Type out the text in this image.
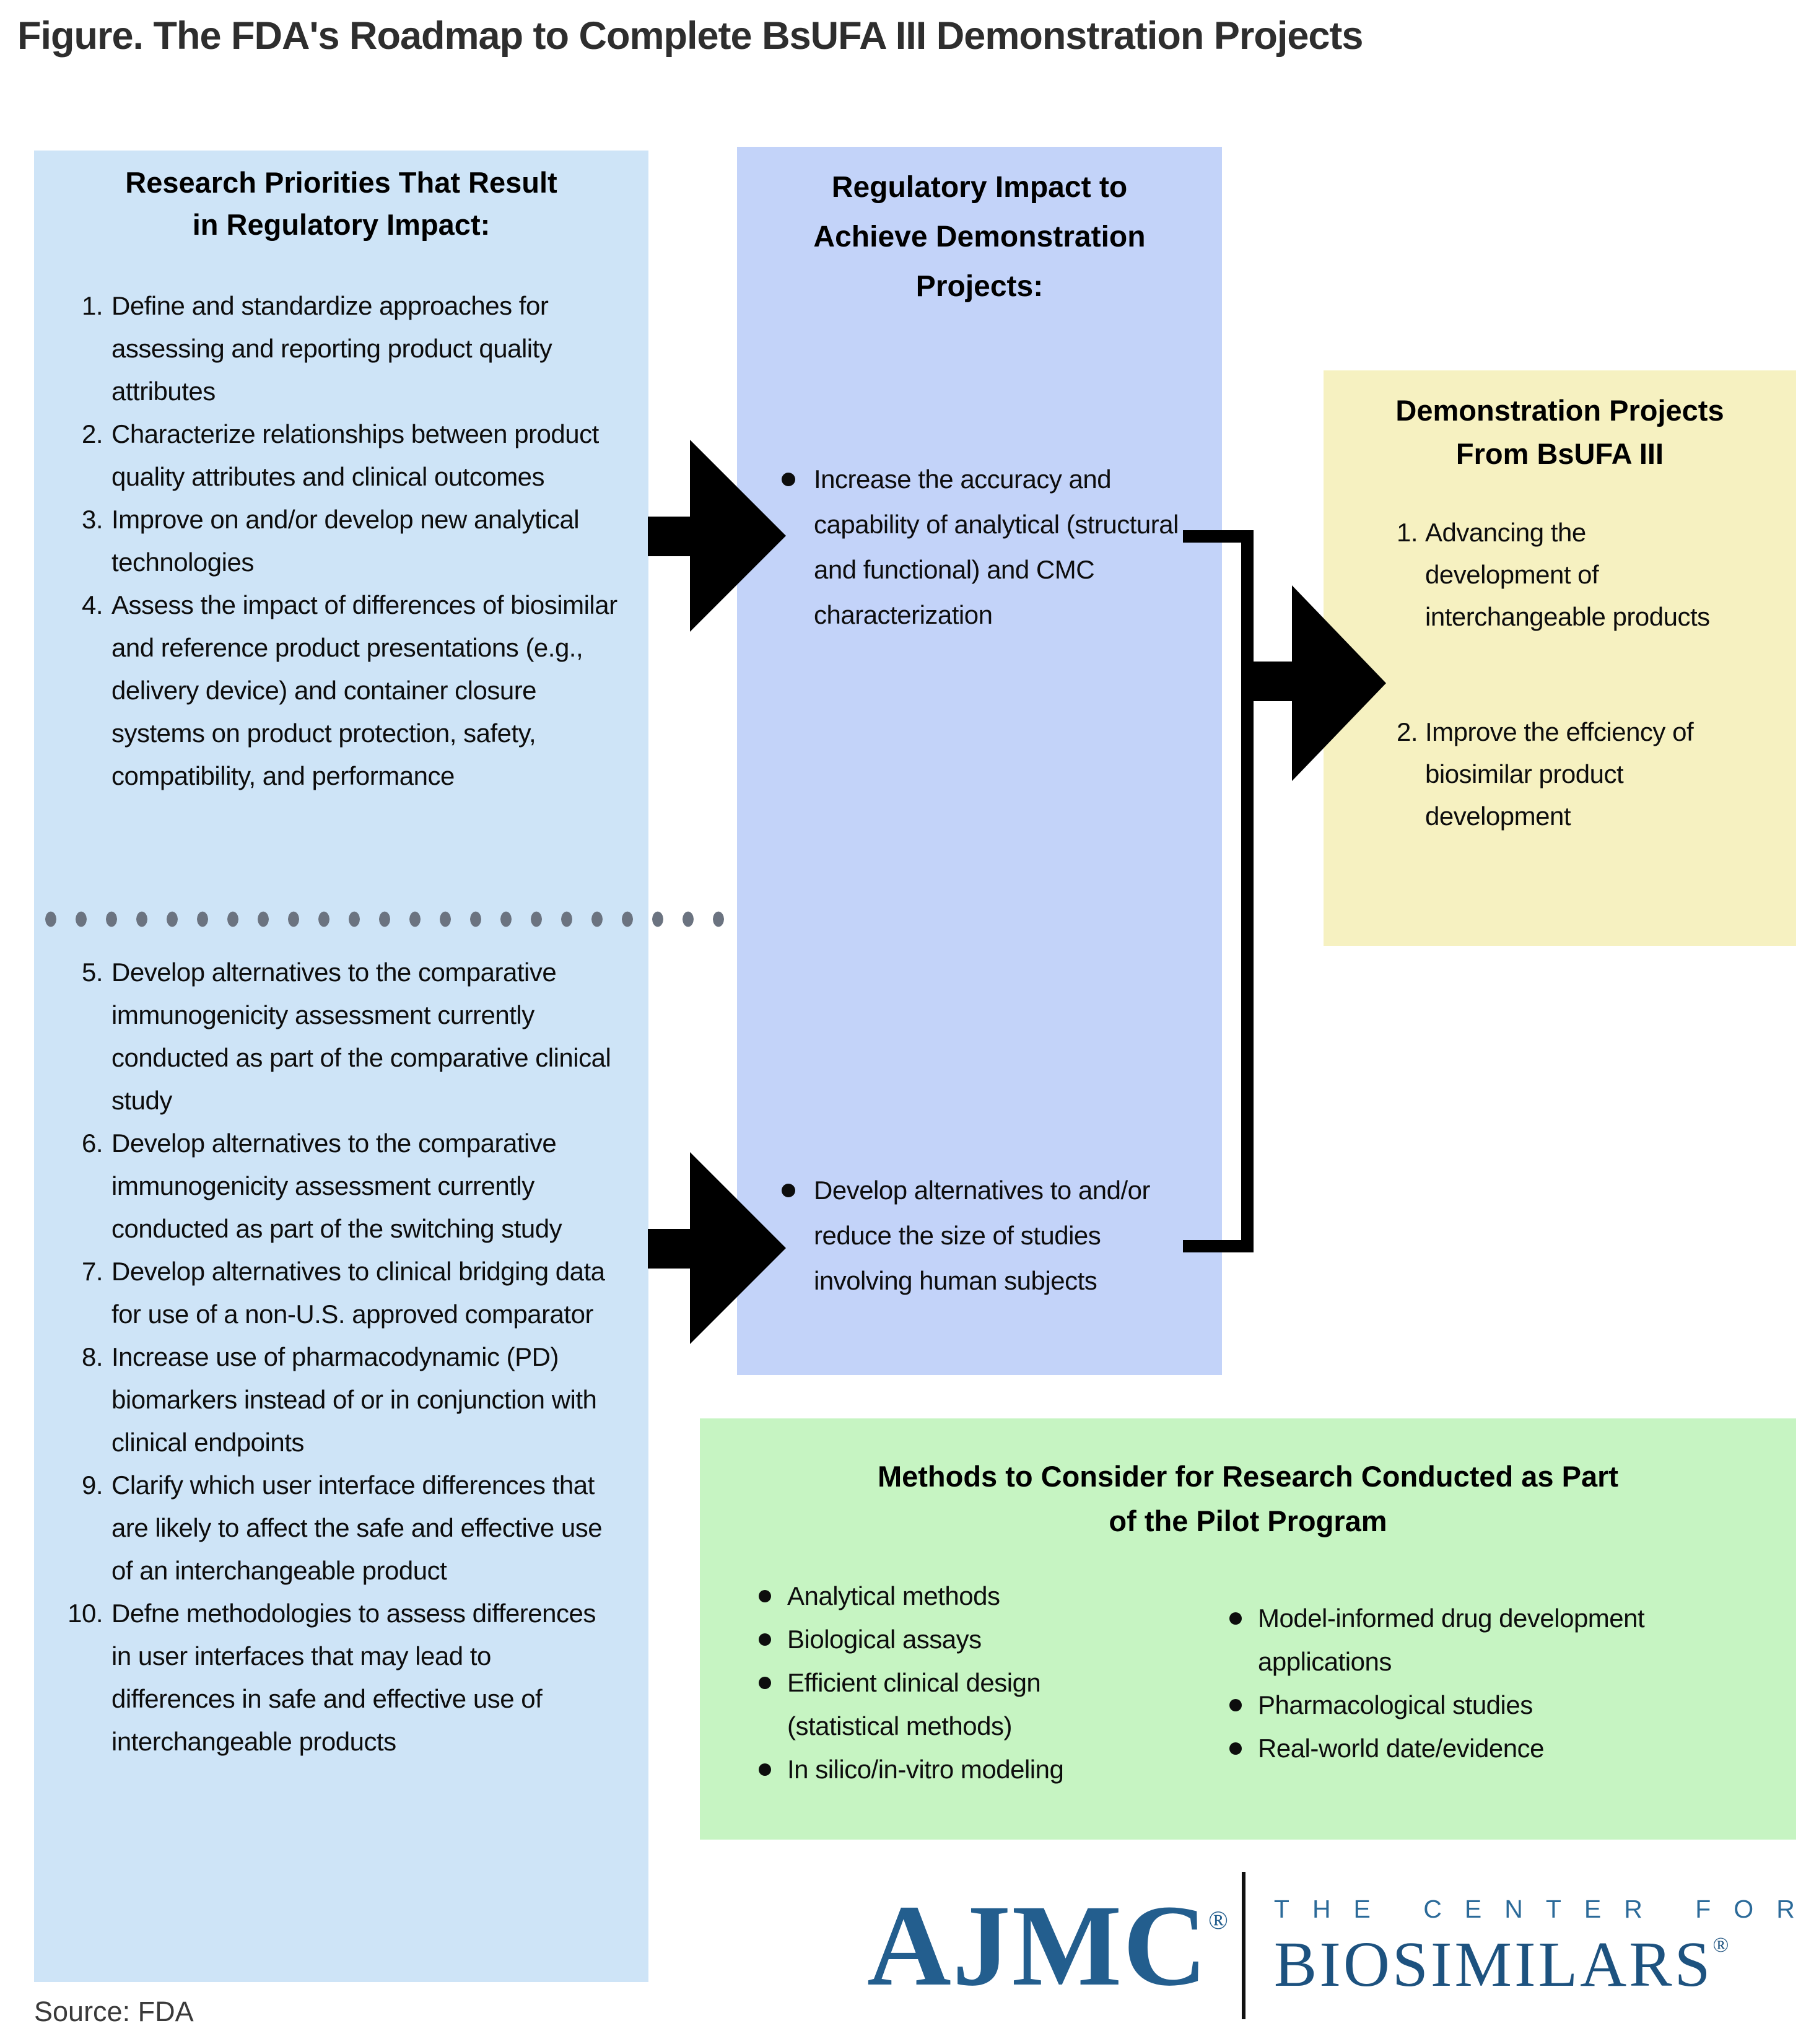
Figure. The FDA's Roadmap to Complete BsUFA III Demonstration Projects
Research Priorities That Result in Regulatory Impact:
1. Define and standardize approaches for assessing and reporting product quality attributes
2. Characterize relationships between product quality attributes and clinical outcomes
3. Improve on and/or develop new analytical technologies
4. Assess the impact of differences of biosimilar and reference product presentations (e.g., delivery device) and container closure systems on product protection, safety, compatibility, and performance
5. Develop alternatives to the comparative immunogenicity assessment currently conducted as part of the comparative clinical study
6. Develop alternatives to the comparative immunogenicity assessment currently conducted as part of the switching study
7. Develop alternatives to clinical bridging data for use of a non-U.S. approved comparator
8. Increase use of pharmacodynamic (PD) biomarkers instead of or in conjunction with clinical endpoints
9. Clarify which user interface differences that are likely to affect the safe and effective use of an interchangeable product
10. Defne methodologies to assess differences in user interfaces that may lead to differences in safe and effective use of interchangeable products
Regulatory Impact to Achieve Demonstration Projects:
Increase the accuracy and capability of analytical (structural and functional) and CMC characterization
Develop alternatives to and/or reduce the size of studies involving human subjects
Demonstration Projects From BsUFA III
1. Advancing the development of interchangeable products
2. Improve the effciency of biosimilar product development
Methods to Consider for Research Conducted as Part of the Pilot Program
Analytical methods
Biological assays
Efficient clinical design (statistical methods)
In silico/in-vitro modeling
Model-informed drug development applications
Pharmacological studies
Real-world date/evidence
AJMC® THE CENTER FOR
BIOSIMILARS®
Source: FDA
